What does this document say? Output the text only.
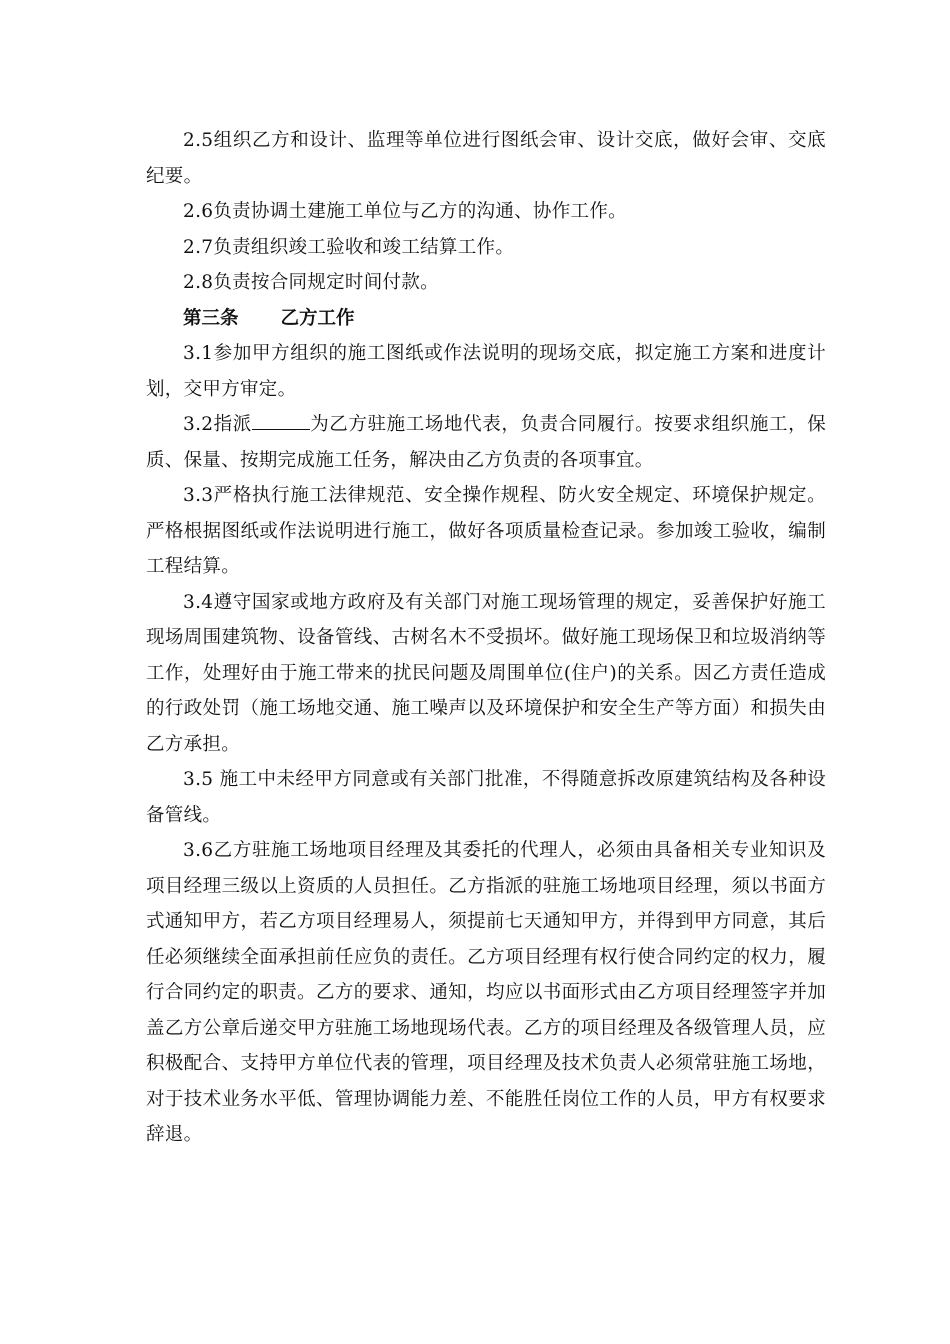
2.5组织乙方和设计、监理等单位进行图纸会审、设计交底，做好会审、交底纪要。

2.6负责协调土建施工单位与乙方的沟通、协作工作。

2.7负责组织竣工验收和竣工结算工作。

2.8负责按合同规定时间付款。

第三条 乙方工作

3.1参加甲方组织的施工图纸或作法说明的现场交底，拟定施工方案和进度计划，交甲方审定。

3.2指派	为乙方驻施工场地代表，负责合同履行。按要求组织施工，保质、保量、按期完成施工任务，解决由乙方负责的各项事宜。

3.3严格执行施工法律规范、安全操作规程、防火安全规定、环境保护规定。严格根据图纸或作法说明进行施工，做好各项质量检查记录。参加竣工验收，编制工程结算。

3.4遵守国家或地方政府及有关部门对施工现场管理的规定，妥善保护好施工现场周围建筑物、设备管线、古树名木不受损坏。做好施工现场保卫和垃圾消纳等工作，处理好由于施工带来的扰民问题及周围单位(住户)的关系。因乙方责任造成的行政处罚（施工场地交通、施工噪声以及环境保护和安全生产等方面）和损失由乙方承担。

3.5 施工中未经甲方同意或有关部门批准，不得随意拆改原建筑结构及各种设备管线。

3.6乙方驻施工场地项目经理及其委托的代理人，必须由具备相关专业知识及项目经理三级以上资质的人员担任。乙方指派的驻施工场地项目经理，须以书面方式通知甲方，若乙方项目经理易人，须提前七天通知甲方，并得到甲方同意，其后任必须继续全面承担前任应负的责任。乙方项目经理有权行使合同约定的权力，履行合同约定的职责。乙方的要求、通知，均应以书面形式由乙方项目经理签字并加盖乙方公章后递交甲方驻施工场地现场代表。乙方的项目经理及各级管理人员，应积极配合、支持甲方单位代表的管理，项目经理及技术负责人必须常驻施工场地，对于技术业务水平低、管理协调能力差、不能胜任岗位工作的人员，甲方有权要求辞退。
